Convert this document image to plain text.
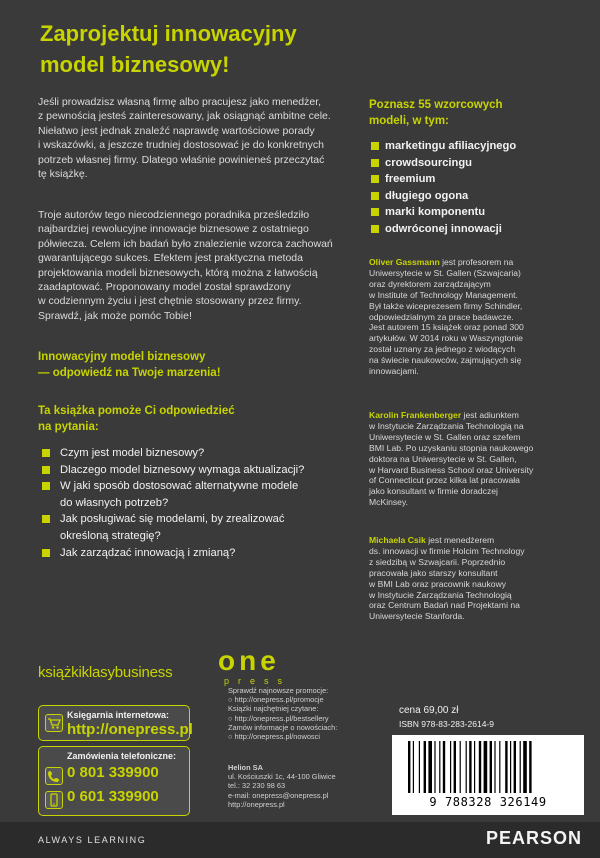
Zaprojektuj innowacyjny
model biznesowy!
Jeśli prowadzisz własną firmę albo pracujesz jako menedżer,
z pewnością jesteś zainteresowany, jak osiągnąć ambitne cele.
Niełatwo jest jednak znaleźć naprawdę wartościowe porady
i wskazówki, a jeszcze trudniej dostosować je do konkretnych
potrzeb własnej firmy. Dlatego właśnie powinieneś przeczytać
tę książkę.
Troje autorów tego niecodziennego poradnika prześledziło
najbardziej rewolucyjne innowacje biznesowe z ostatniego
półwiecza. Celem ich badań było znalezienie wzorca zachowań
gwarantującego sukces. Efektem jest praktyczna metoda
projektowania modeli biznesowych, którą można z łatwością
zaadaptować. Proponowany model został sprawdzony
w codziennym życiu i jest chętnie stosowany przez firmy.
Sprawdź, jak może pomóc Tobie!
Innowacyjny model biznesowy
— odpowiedź na Twoje marzenia!
Ta książka pomoże Ci odpowiedzieć
na pytania:
Czym jest model biznesowy?
Dlaczego model biznesowy wymaga aktualizacji?
W jaki sposób dostosować alternatywne modele
do własnych potrzeb?
Jak posługiwać się modelami, by zrealizować
określoną strategię?
Jak zarządzać innowacją i zmianą?
Poznasz 55 wzorcowych
modeli, w tym:
marketingu afiliacyjnego
crowdsourcingu
freemium
długiego ogona
marki komponentu
odwróconej innowacji
Oliver Gassmann jest profesorem na
Uniwersytecie w St. Gallen (Szwajcaria)
oraz dyrektorem zarządzającym
w Institute of Technology Management.
Był także wiceprezesem firmy Schindler,
odpowiedzialnym za prace badawcze.
Jest autorem 15 książek oraz ponad 300
artykułów. W 2014 roku w Waszyngtonie
został uznany za jednego z wiodących
na świecie naukowców, zajmujących się
innowacjami.
Karolin Frankenberger jest adiunktem
w Instytucie Zarządzania Technologią na
Uniwersytecie w St. Gallen oraz szefem
BMI Lab. Po uzyskaniu stopnia naukowego
doktora na Uniwersytecie w St. Gallen,
w Harvard Business School oraz University
of Connecticut przez kilka lat pracowała
jako konsultant w firmie doradczej
McKinsey.
Michaela Csik jest menedżerem
ds. innowacji w firmie Holcim Technology
z siedzibą w Szwajcarii. Poprzednio
pracowała jako starszy konsultant
w BMI Lab oraz pracownik naukowy
w Instytucie Zarządzania Technologią
oraz Centrum Badań nad Projektami na
Uniwersytecie Stanforda.
książkiklasybusiness one
press
Sprawdź najnowsze promocje:
○ http://onepress.pl/promocje
Książki najchętniej czytane:
○ http://onepress.pl/bestsellery
Zamów informacje o nowościach:
○ http://onepress.pl/nowosci
Helion SA
ul. Kościuszki 1c, 44-100 Gliwice
tel.: 32 230 98 63
e-mail: onepress@onepress.pl
http://onepress.pl
Księgarnia internetowa:
http://onepress.pl
Zamówienia telefoniczne:
0 801 339900
0 601 339900
cena 69,00 zł
ISBN 978-83-283-2614-9
9 788328 326149
ALWAYS LEARNING	PEARSON
